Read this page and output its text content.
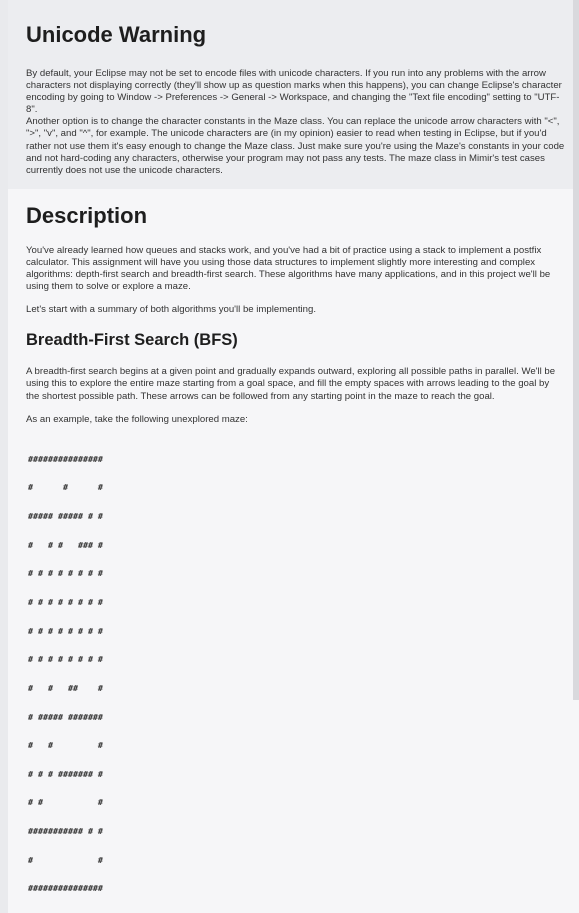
Unicode Warning

By default, your Eclipse may not be set to encode files with unicode characters. If you run into any problems with the arrow characters not displaying correctly (they'll show up as question marks when this happens), you can change Eclipse's character encoding by going to Window -> Preferences -> General -> Workspace, and changing the "Text file encoding" setting to "UTF-8".

Another option is to change the character constants in the Maze class. You can replace the unicode arrow characters with "<", ">", "v", and "^", for example. The unicode characters are (in my opinion) easier to read when testing in Eclipse, but if you'd rather not use them it's easy enough to change the Maze class. Just make sure you're using the Maze's constants in your code and not hard-coding any characters, otherwise your program may not pass any tests. The maze class in Mimir's test cases currently does not use the unicode characters.

Description

You've already learned how queues and stacks work, and you've had a bit of practice using a stack to implement a postfix calculator. This assignment will have you using those data structures to implement slightly more interesting and complex algorithms: depth-first search and breadth-first search. These algorithms have many applications, and in this project we'll be using them to solve or explore a maze.

Let's start with a summary of both algorithms you'll be implementing.

Breadth-First Search (BFS)

A breadth-first search begins at a given point and gradually expands outward, exploring all possible paths in parallel. We'll be using this to explore the entire maze starting from a goal space, and fill the empty spaces with arrows leading to the goal by the shortest possible path. These arrows can be followed from any starting point in the maze to reach the goal.

As an example, take the following unexplored maze:

###############

#      #      #

##### ##### # #

#   # #   ### #

# # # # # # # #

# # # # # # # #

# # # # # # # #

# # # # # # # #

#   #   ##    #

# ##### #######

#   #         #

# # # ####### #

# #           #

########### # #

#             #

###############
